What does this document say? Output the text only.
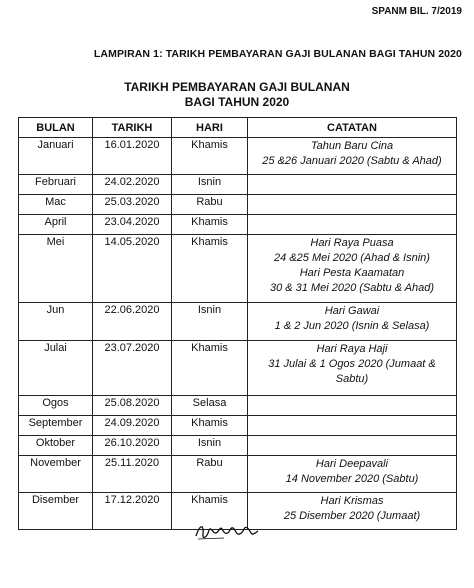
SPANM BIL. 7/2019
LAMPIRAN 1: TARIKH PEMBAYARAN GAJI BULANAN BAGI TAHUN 2020
TARIKH PEMBAYARAN GAJI BULANAN
BAGI TAHUN 2020
BULAN	TARIKH	HARI	CATATAN
Januari	16.01.2020	Khamis	Tahun Baru Cina
25 &26 Januari 2020 (Sabtu & Ahad)

Februari	24.02.2020	Isnin	
Mac	25.03.2020	Rabu	
April	23.04.2020	Khamis	
Mei	14.05.2020	Khamis	Hari Raya Puasa
24 &25 Mei 2020 (Ahad & Isnin)
Hari Pesta Kaamatan
30 & 31 Mei 2020 (Sabtu & Ahad)

Jun	22.06.2020	Isnin	Hari Gawai
1 & 2 Jun 2020 (Isnin & Selasa)

Julai	23.07.2020	Khamis	Hari Raya Haji
31 Julai & 1 Ogos 2020 (Jumaat &
Sabtu)

Ogos	25.08.2020	Selasa	
September	24.09.2020	Khamis	
Oktober	26.10.2020	Isnin	
November	25.11.2020	Rabu	Hari Deepavali
14 November 2020 (Sabtu)

Disember	17.12.2020	Khamis	Hari Krismas
25 Disember 2020 (Jumaat)
